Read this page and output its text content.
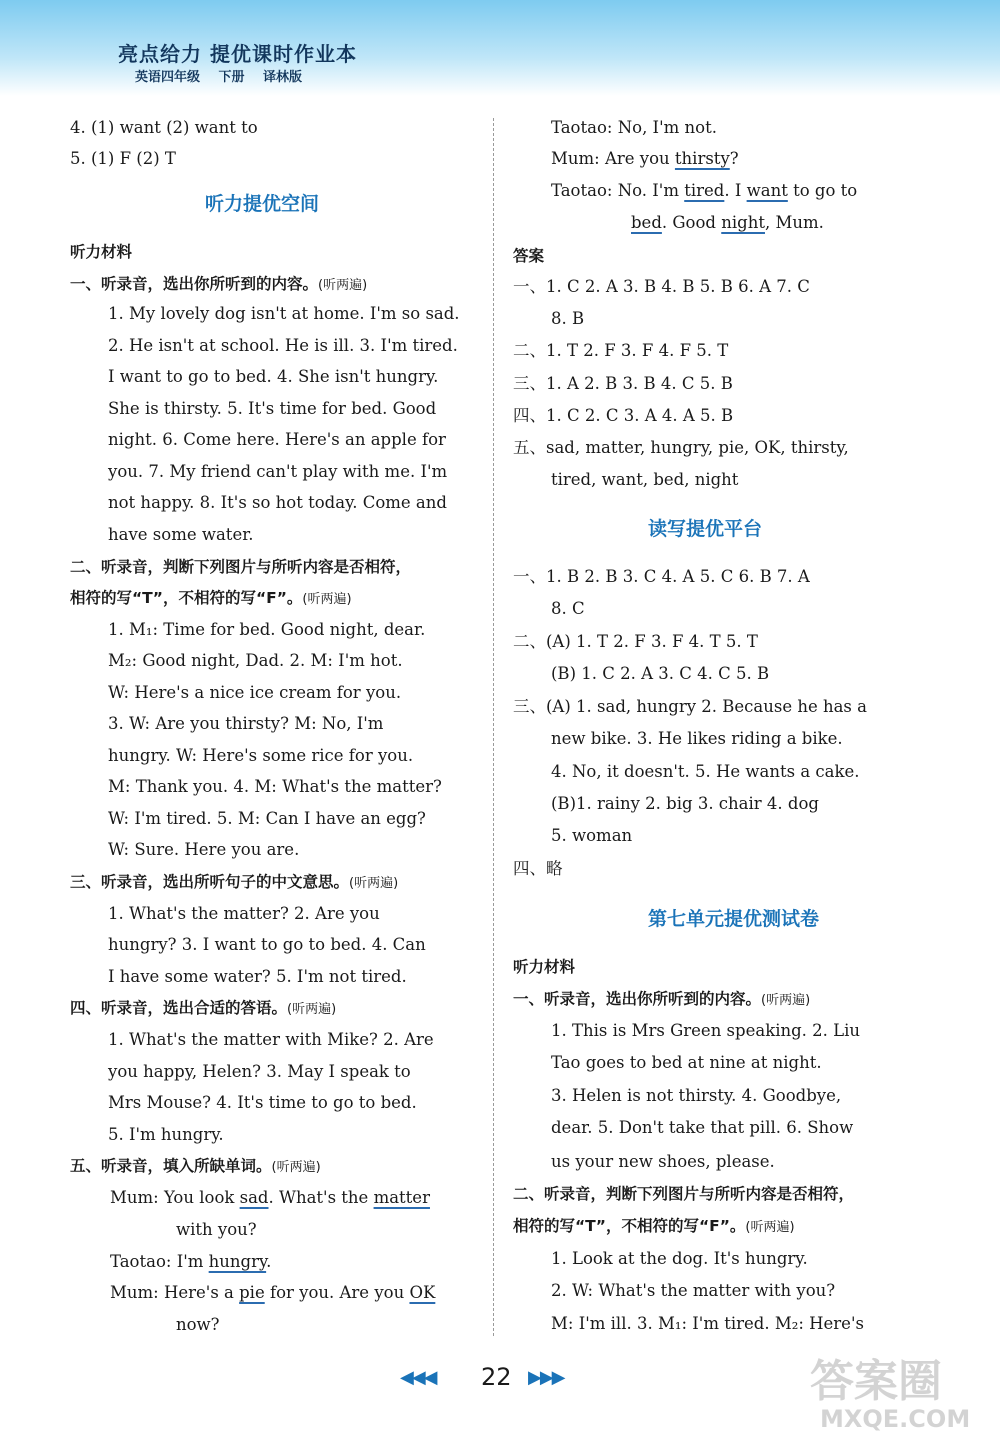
亮点给力 提优课时作业本
英语四年级 下册 译林版
4. (1) want (2) want to
5. (1) F (2) T
听力提优空间
听力材料
一、听录音，选出你所听到的内容。(听两遍)
1. My lovely dog isn't at home. I'm so sad.
2. He isn't at school. He is ill. 3. I'm tired.
I want to go to bed. 4. She isn't hungry.
She is thirsty. 5. It's time for bed. Good
night. 6. Come here. Here's an apple for
you. 7. My friend can't play with me. I'm
not happy. 8. It's so hot today. Come and
have some water.
二、听录音，判断下列图片与所听内容是否相符，
相符的写“T”，不相符的写“F”。(听两遍)
1. M₁: Time for bed. Good night, dear.
M₂: Good night, Dad. 2. M: I'm hot.
W: Here's a nice ice cream for you.
3. W: Are you thirsty? M: No, I'm
hungry. W: Here's some rice for you.
M: Thank you. 4. M: What's the matter?
W: I'm tired. 5. M: Can I have an egg?
W: Sure. Here you are.
三、听录音，选出所听句子的中文意思。(听两遍)
1. What's the matter? 2. Are you
hungry? 3. I want to go to bed. 4. Can
I have some water? 5. I'm not tired.
四、听录音，选出合适的答语。(听两遍)
1. What's the matter with Mike? 2. Are
you happy, Helen? 3. May I speak to
Mrs Mouse? 4. It's time to go to bed.
5. I'm hungry.
五、听录音，填入所缺单词。(听两遍)
Mum: You look sad. What's the matter
with you?
Taotao: I'm hungry.
Mum: Here's a pie for you. Are you OK
now?
Taotao: No, I'm not.
Mum: Are you thirsty?
Taotao: No. I'm tired. I want to go to
bed. Good night, Mum.
答案
一、1. C 2. A 3. B 4. B 5. B 6. A 7. C
8. B
二、1. T 2. F 3. F 4. F 5. T
三、1. A 2. B 3. B 4. C 5. B
四、1. C 2. C 3. A 4. A 5. B
五、sad, matter, hungry, pie, OK, thirsty,
tired, want, bed, night
读写提优平台
一、1. B 2. B 3. C 4. A 5. C 6. B 7. A
8. C
二、(A) 1. T 2. F 3. F 4. T 5. T
(B) 1. C 2. A 3. C 4. C 5. B
三、(A) 1. sad, hungry 2. Because he has a
new bike. 3. He likes riding a bike.
4. No, it doesn't. 5. He wants a cake.
(B)1. rainy 2. big 3. chair 4. dog
5. woman
四、略
第七单元提优测试卷
听力材料
一、听录音，选出你所听到的内容。(听两遍)
1. This is Mrs Green speaking. 2. Liu
Tao goes to bed at nine at night.
3. Helen is not thirsty. 4. Goodbye,
dear. 5. Don't take that pill. 6. Show
us your new shoes, please.
二、听录音，判断下列图片与所听内容是否相符，
相符的写“T”，不相符的写“F”。(听两遍)
1. Look at the dog. It's hungry.
2. W: What's the matter with you?
M: I'm ill. 3. M₁: I'm tired. M₂: Here's
◀◀◀ 22 ▶▶▶	答案圈
MXQE.COM
